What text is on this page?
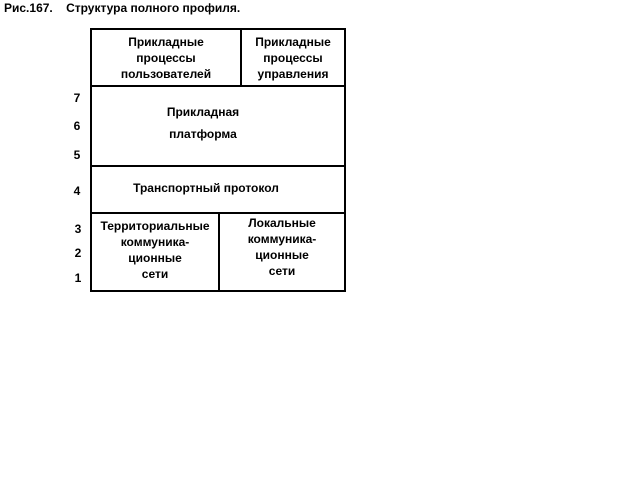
Рис.167.    Структура полного профиля.
Прикладные
процессы
пользователей
Прикладные
процессы
управления
Прикладная
платформа
Транспортный протокол
Территориальные
коммуника-
ционные
сети
Локальные
коммуника-
ционные
сети
7
6
5
4
3
2
1
